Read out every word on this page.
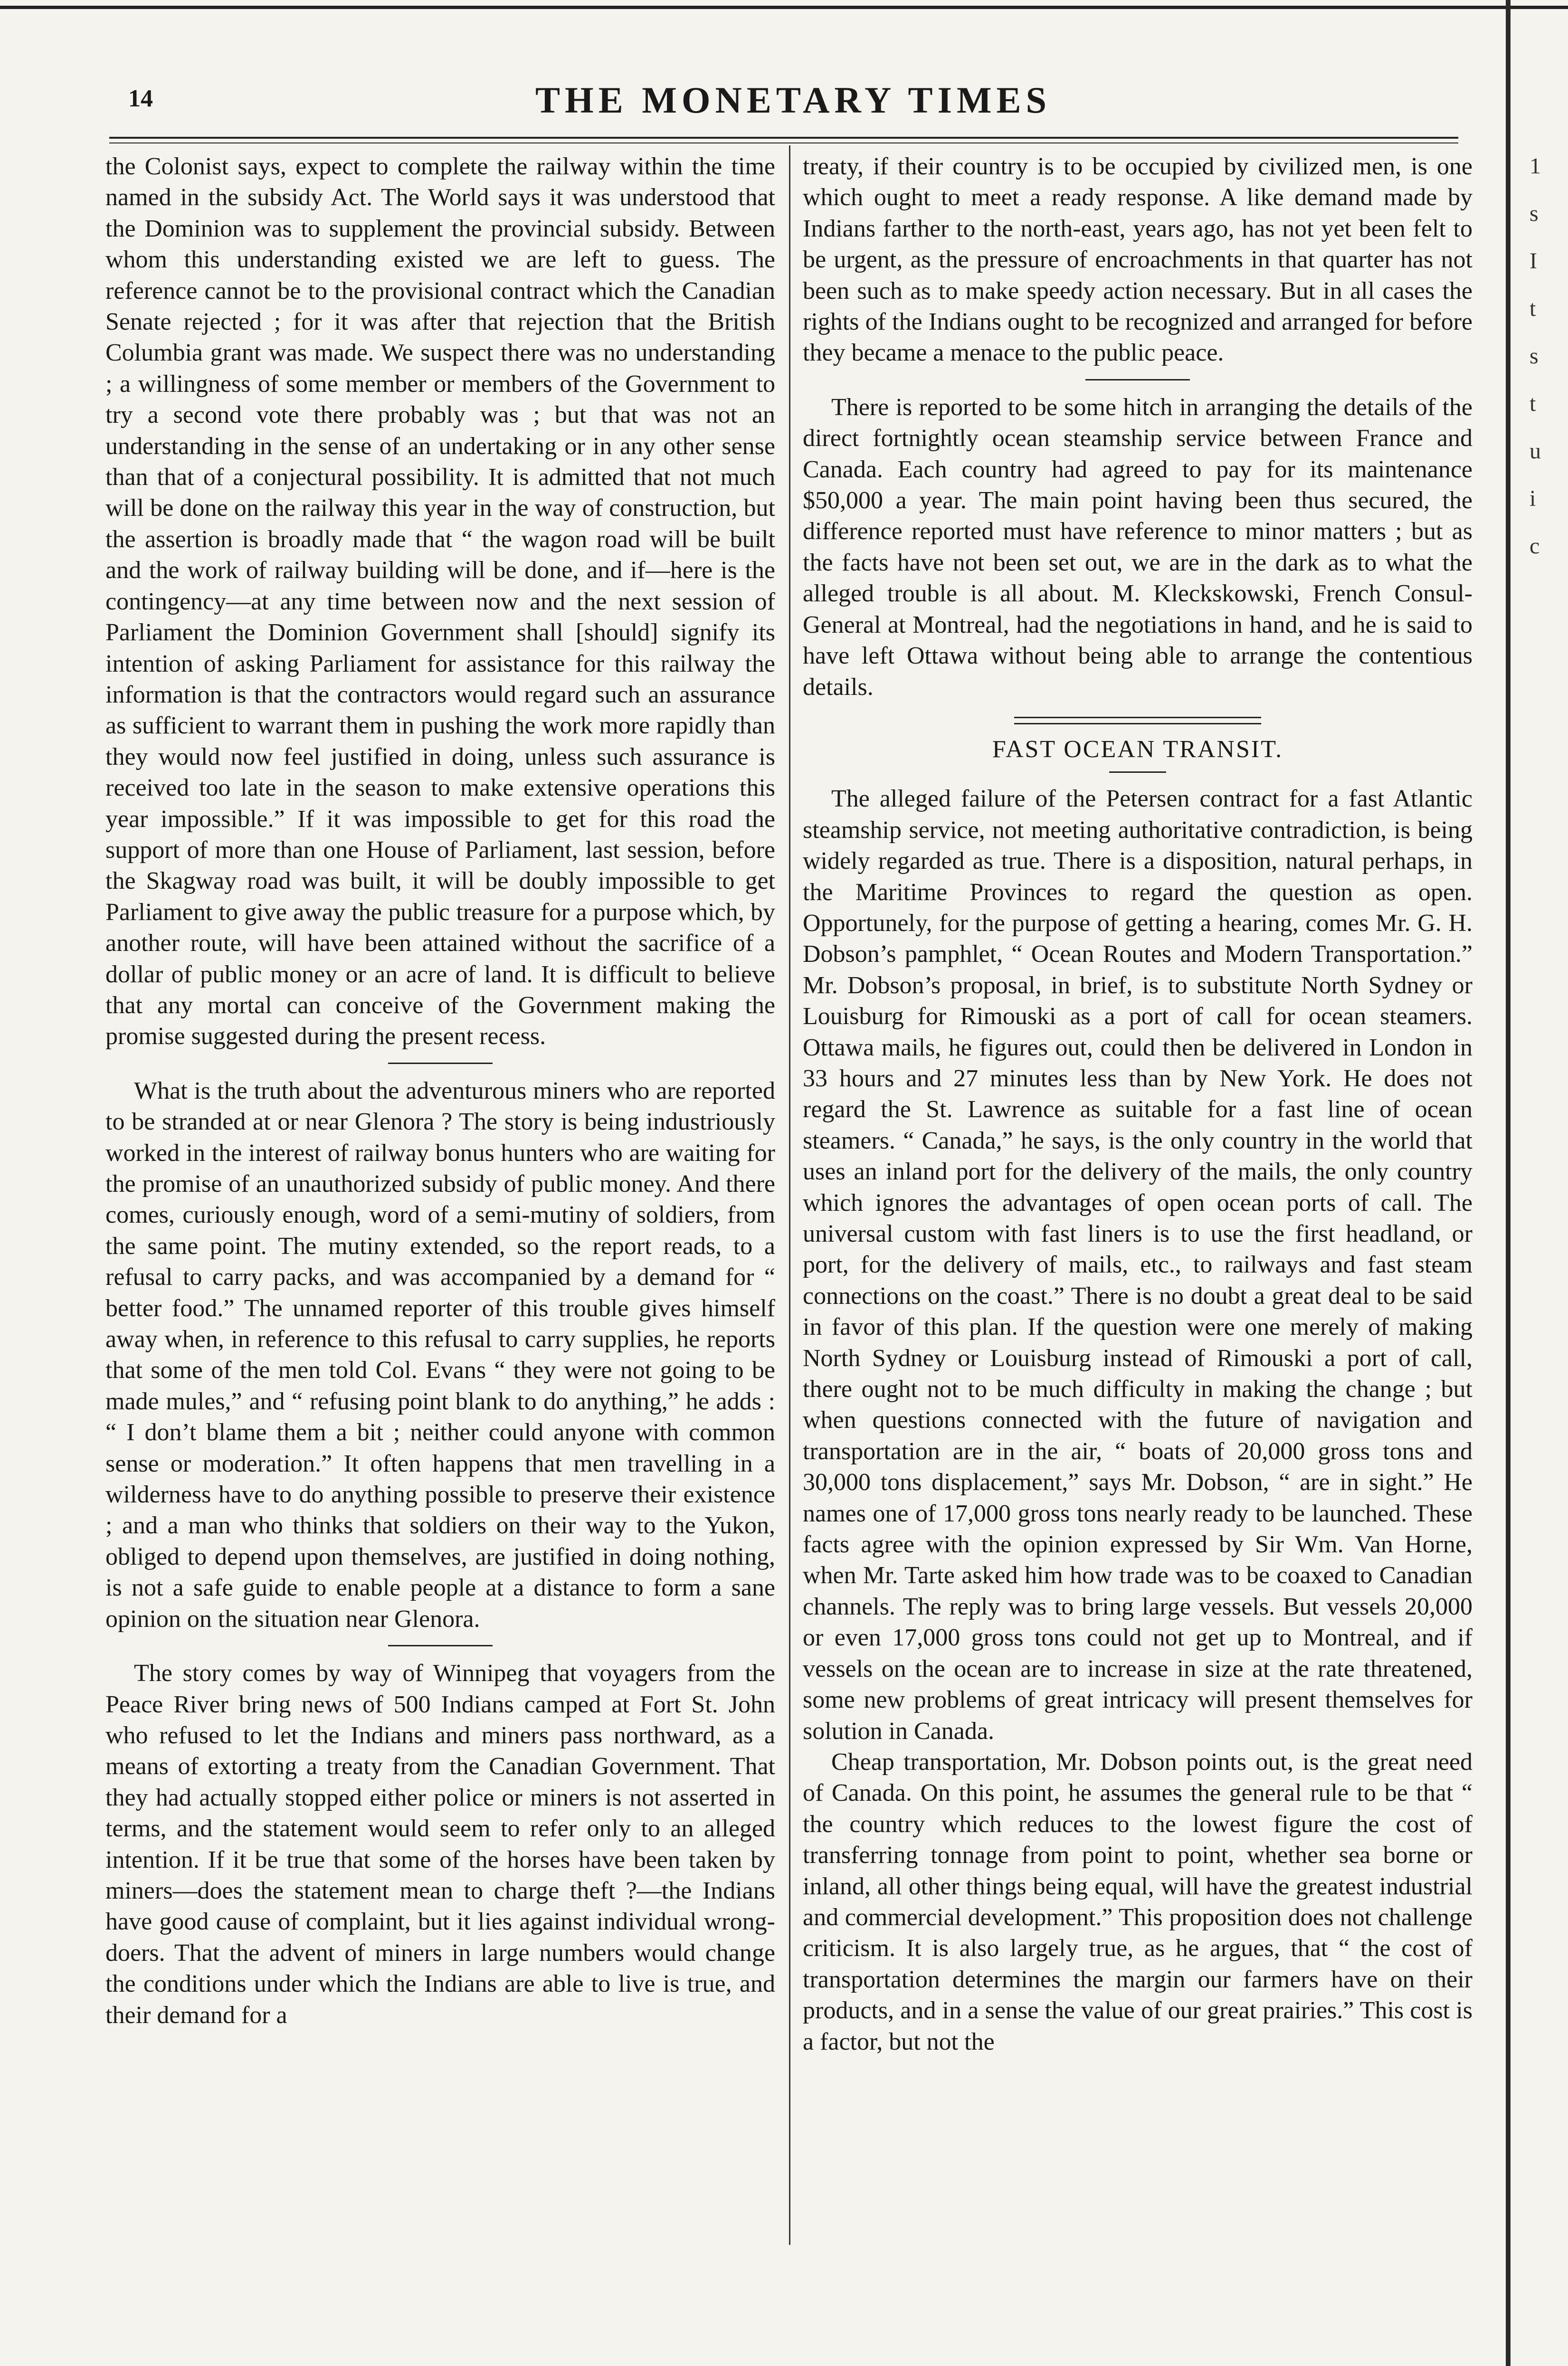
1
s
I
t
s
t
u
i
c
14	THE MONETARY TIMES

the Colonist says, expect to complete the railway within the time named in the subsidy Act. The World says it was understood that the Dominion was to supplement the provincial subsidy. Between whom this understanding existed we are left to guess. The reference cannot be to the provisional contract which the Canadian Senate rejected ; for it was after that rejection that the British Columbia grant was made. We suspect there was no understanding ; a willingness of some member or members of the Government to try a second vote there probably was ; but that was not an understanding in the sense of an undertaking or in any other sense than that of a conjectural possibility. It is admitted that not much will be done on the railway this year in the way of construction, but the assertion is broadly made that “ the wagon road will be built and the work of railway building will be done, and if—here is the contingency—at any time between now and the next session of Parliament the Dominion Government shall [should] signify its intention of asking Parliament for assistance for this railway the information is that the contractors would regard such an assurance as sufficient to warrant them in pushing the work more rapidly than they would now feel justified in doing, unless such assurance is received too late in the season to make extensive operations this year impossible.” If it was impossible to get for this road the support of more than one House of Parliament, last session, before the Skagway road was built, it will be doubly impossible to get Parliament to give away the public treasure for a purpose which, by another route, will have been attained without the sacrifice of a dollar of public money or an acre of land. It is difficult to believe that any mortal can conceive of the Government making the promise suggested during the present recess.

What is the truth about the adventurous miners who are reported to be stranded at or near Glenora ? The story is being industriously worked in the interest of railway bonus hunters who are waiting for the promise of an unauthorized subsidy of public money. And there comes, curiously enough, word of a semi-mutiny of soldiers, from the same point. The mutiny extended, so the report reads, to a refusal to carry packs, and was accompanied by a demand for “ better food.” The unnamed reporter of this trouble gives himself away when, in reference to this refusal to carry supplies, he reports that some of the men told Col. Evans “ they were not going to be made mules,” and “ refusing point blank to do anything,” he adds : “ I don’t blame them a bit ; neither could anyone with common sense or moderation.” It often happens that men travelling in a wilderness have to do anything possible to preserve their existence ; and a man who thinks that soldiers on their way to the Yukon, obliged to depend upon themselves, are justified in doing nothing, is not a safe guide to enable people at a distance to form a sane opinion on the situation near Glenora.

The story comes by way of Winnipeg that voyagers from the Peace River bring news of 500 Indians camped at Fort St. John who refused to let the Indians and miners pass northward, as a means of extorting a treaty from the Canadian Government. That they had actually stopped either police or miners is not asserted in terms, and the statement would seem to refer only to an alleged intention. If it be true that some of the horses have been taken by miners—does the statement mean to charge theft ?—the Indians have good cause of complaint, but it lies against individual wrong-doers. That the advent of miners in large numbers would change the conditions under which the Indians are able to live is true, and their demand for a

treaty, if their country is to be occupied by civilized men, is one which ought to meet a ready response. A like demand made by Indians farther to the north-east, years ago, has not yet been felt to be urgent, as the pressure of encroachments in that quarter has not been such as to make speedy action necessary. But in all cases the rights of the Indians ought to be recognized and arranged for before they became a menace to the public peace.

There is reported to be some hitch in arranging the details of the direct fortnightly ocean steamship service between France and Canada. Each country had agreed to pay for its maintenance $50,000 a year. The main point having been thus secured, the difference reported must have reference to minor matters ; but as the facts have not been set out, we are in the dark as to what the alleged trouble is all about. M. Kleckskowski, French Consul-General at Montreal, had the negotiations in hand, and he is said to have left Ottawa without being able to arrange the contentious details.

FAST OCEAN TRANSIT.

The alleged failure of the Petersen contract for a fast Atlantic steamship service, not meeting authoritative contradiction, is being widely regarded as true. There is a disposition, natural perhaps, in the Maritime Provinces to regard the question as open. Opportunely, for the purpose of getting a hearing, comes Mr. G. H. Dobson’s pamphlet, “ Ocean Routes and Modern Transportation.” Mr. Dobson’s proposal, in brief, is to substitute North Sydney or Louisburg for Rimouski as a port of call for ocean steamers. Ottawa mails, he figures out, could then be delivered in London in 33 hours and 27 minutes less than by New York. He does not regard the St. Lawrence as suitable for a fast line of ocean steamers. “ Canada,” he says, is the only country in the world that uses an inland port for the delivery of the mails, the only country which ignores the advantages of open ocean ports of call. The universal custom with fast liners is to use the first headland, or port, for the delivery of mails, etc., to railways and fast steam connections on the coast.” There is no doubt a great deal to be said in favor of this plan. If the question were one merely of making North Sydney or Louisburg instead of Rimouski a port of call, there ought not to be much difficulty in making the change ; but when questions connected with the future of navigation and transportation are in the air, “ boats of 20,000 gross tons and 30,000 tons displacement,” says Mr. Dobson, “ are in sight.” He names one of 17,000 gross tons nearly ready to be launched. These facts agree with the opinion expressed by Sir Wm. Van Horne, when Mr. Tarte asked him how trade was to be coaxed to Canadian channels. The reply was to bring large vessels. But vessels 20,000 or even 17,000 gross tons could not get up to Montreal, and if vessels on the ocean are to increase in size at the rate threatened, some new problems of great intricacy will present themselves for solution in Canada.

Cheap transportation, Mr. Dobson points out, is the great need of Canada. On this point, he assumes the general rule to be that “ the country which reduces to the lowest figure the cost of transferring tonnage from point to point, whether sea borne or inland, all other things being equal, will have the greatest industrial and commercial development.” This proposition does not challenge criticism. It is also largely true, as he argues, that “ the cost of transportation determines the margin our farmers have on their products, and in a sense the value of our great prairies.” This cost is a factor, but not the
